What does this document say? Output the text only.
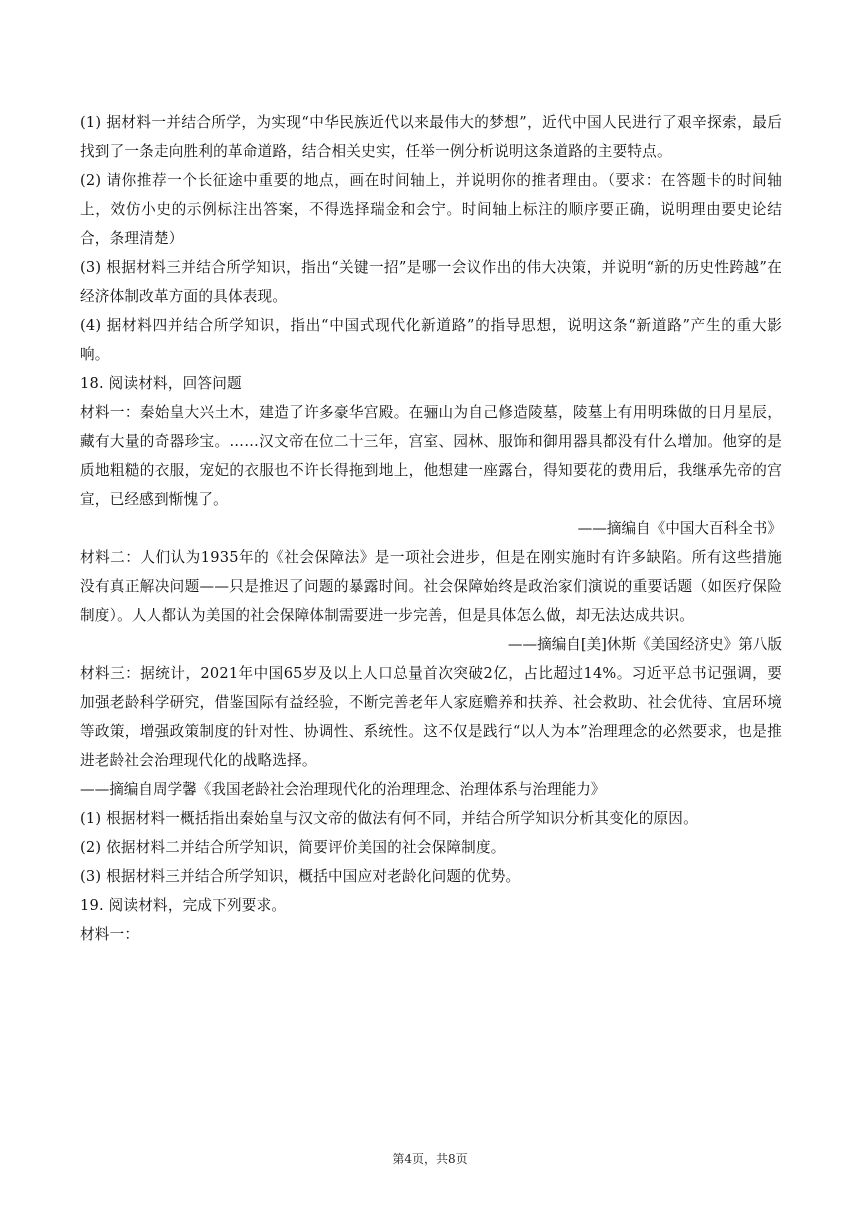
(1) 据材料一并结合所学，为实现“中华民族近代以来最伟大的梦想”，近代中国人民进行了艰辛探索，最后找到了一条走向胜利的革命道路，结合相关史实，任举一例分析说明这条道路的主要特点。

(2) 请你推荐一个长征途中重要的地点，画在时间轴上，并说明你的推者理由。（要求：在答题卡的时间轴上，效仿小史的示例标注出答案，不得选择瑞金和会宁。时间轴上标注的顺序要正确，说明理由要史论结合，条理清楚）

(3) 根据材料三并结合所学知识，指出“关键一招”是哪一会议作出的伟大决策，并说明“新的历史性跨越”在经济体制改革方面的具体表现。

(4) 据材料四并结合所学知识，指出“中国式现代化新道路”的指导思想，说明这条“新道路”产生的重大影响。

18. 阅读材料，回答问题

材料一：秦始皇大兴土木，建造了许多豪华宫殿。在骊山为自己修造陵墓，陵墓上有用明珠做的日月星辰，藏有大量的奇器珍宝。……汉文帝在位二十三年，宫室、园林、服饰和御用器具都没有什么增加。他穿的是质地粗糙的衣服，宠妃的衣服也不许长得拖到地上，他想建一座露台，得知要花的费用后，我继承先帝的宫宣，已经感到惭愧了。

——摘编自《中国大百科全书》

材料二：人们认为1935年的《社会保障法》是一项社会进步，但是在刚实施时有许多缺陷。所有这些措施没有真正解决问题——只是推迟了问题的暴露时间。社会保障始终是政治家们演说的重要话题（如医疗保险制度）。人人都认为美国的社会保障体制需要进一步完善，但是具体怎么做，却无法达成共识。

——摘编自[美]休斯《美国经济史》第八版

材料三：据统计，2021年中国65岁及以上人口总量首次突破2亿，占比超过14%。习近平总书记强调，要加强老龄科学研究，借鉴国际有益经验，不断完善老年人家庭赡养和扶养、社会救助、社会优待、宜居环境等政策，增强政策制度的针对性、协调性、系统性。这不仅是践行“以人为本”治理理念的必然要求，也是推进老龄社会治理现代化的战略选择。

——摘编自周学馨《我国老龄社会治理现代化的治理理念、治理体系与治理能力》

(1) 根据材料一概括指出秦始皇与汉文帝的做法有何不同，并结合所学知识分析其变化的原因。

(2) 依据材料二并结合所学知识，简要评价美国的社会保障制度。

(3) 根据材料三并结合所学知识，概括中国应对老龄化问题的优势。

19. 阅读材料，完成下列要求。

材料一：

第4页，共8页
